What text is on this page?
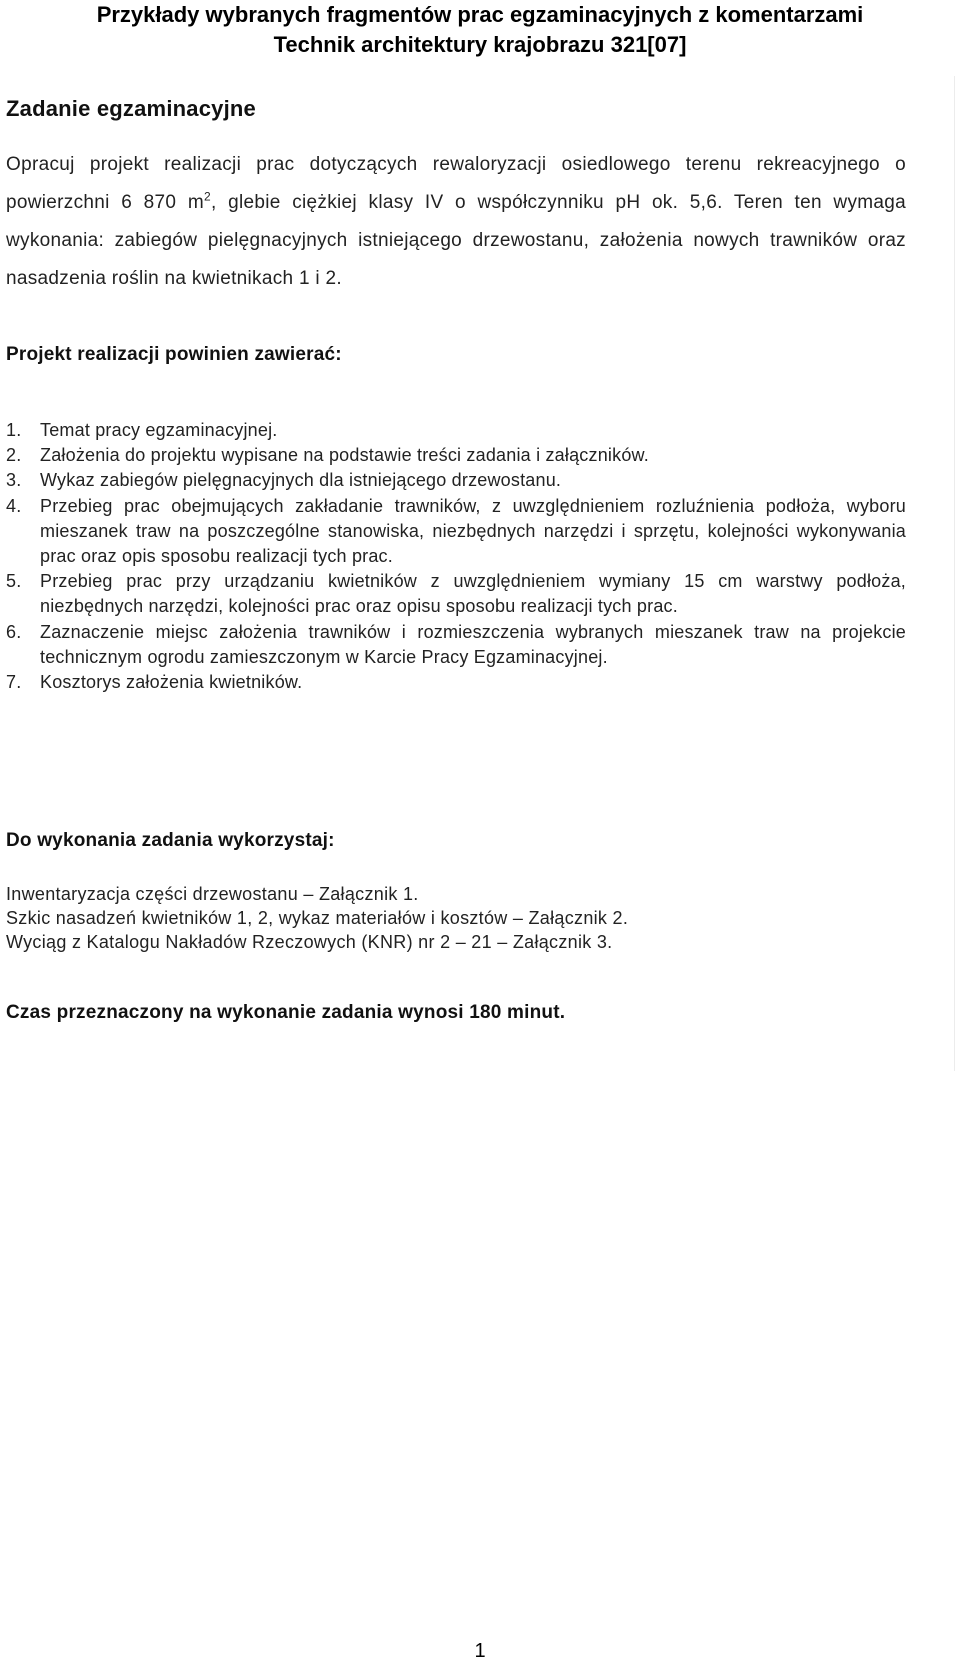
Przykłady wybranych fragmentów prac egzaminacyjnych z komentarzami
Technik architektury krajobrazu 321[07]
Zadanie egzaminacyjne
Opracuj projekt realizacji prac dotyczących rewaloryzacji osiedlowego terenu rekreacyjnego o powierzchni 6 870 $m^2$, glebie ciężkiej klasy IV o współczynniku pH ok. 5,6. Teren ten wymaga wykonania: zabiegów pielęgnacyjnych istniejącego drzewostanu, założenia nowych trawników oraz nasadzenia roślin na kwietnikach 1 i 2.
Projekt realizacji powinien zawierać:
1.	Temat pracy egzaminacyjnej.
2.	Założenia do projektu wypisane na podstawie treści zadania i załączników.
3.	Wykaz zabiegów pielęgnacyjnych dla istniejącego drzewostanu.
4.	Przebieg prac obejmujących zakładanie trawników, z uwzględnieniem rozluźnienia podłoża, wyboru mieszanek traw na poszczególne stanowiska, niezbędnych narzędzi i sprzętu, kolejności wykonywania prac oraz opis sposobu realizacji tych prac.
5.	Przebieg prac przy urządzaniu kwietników z uwzględnieniem wymiany 15 cm warstwy podłoża, niezbędnych narzędzi, kolejności prac oraz opisu sposobu realizacji tych prac.
6.	Zaznaczenie miejsc założenia trawników i rozmieszczenia wybranych mieszanek traw na projekcie technicznym ogrodu zamieszczonym w Karcie Pracy Egzaminacyjnej.
7.	Kosztorys założenia kwietników.
Do wykonania zadania wykorzystaj:
Inwentaryzacja części drzewostanu – Załącznik 1.
Szkic nasadzeń kwietników 1, 2, wykaz materiałów i kosztów – Załącznik 2.
Wyciąg z Katalogu Nakładów Rzeczowych (KNR) nr 2 – 21 – Załącznik 3.
Czas przeznaczony na wykonanie zadania wynosi 180 minut.
1
